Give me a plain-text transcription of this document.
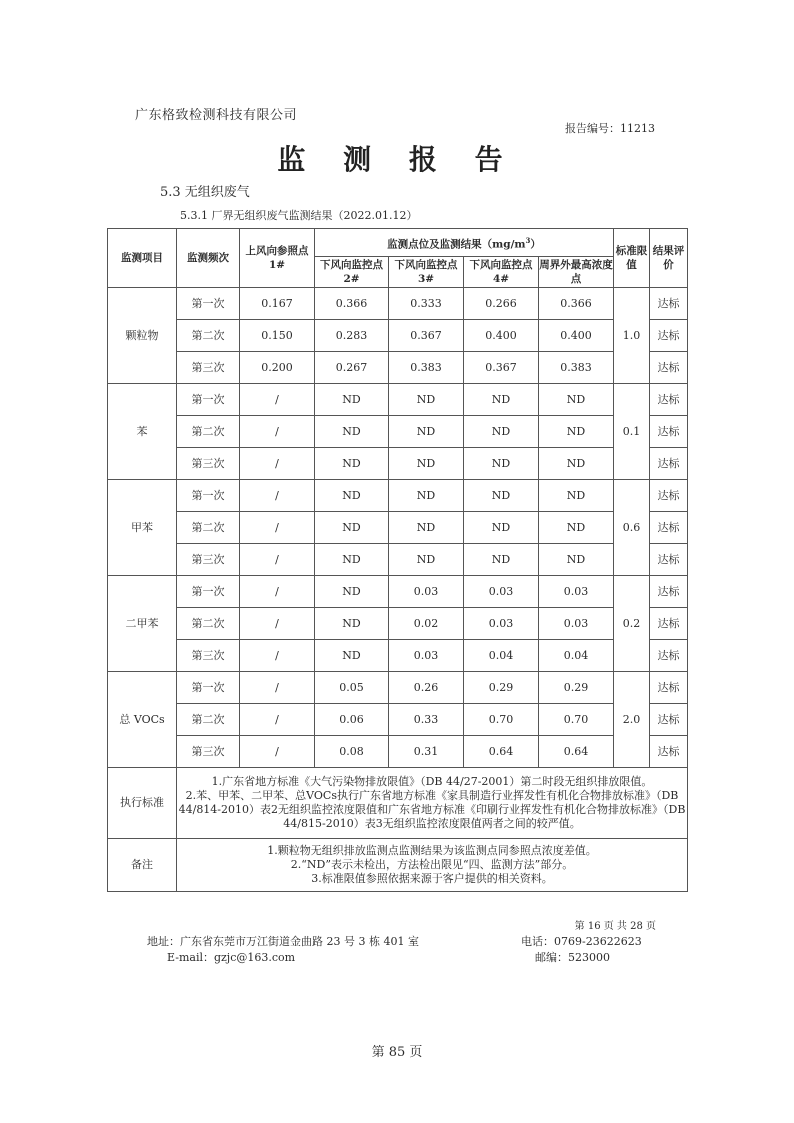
广东格致检测科技有限公司
报告编号：11213
监 测 报 告
5.3 无组织废气
5.3.1 厂界无组织废气监测结果（2022.01.12）
监测项目	监测频次	上风向参照点 1#	监测点位及监测结果$(mg/m^3)$				标准限值	结果评价
			下风向监控点 2#	下风向监控点 3#	下风向监控点 4#	周界外最高浓度点		
颗粒物	第一次	0.167	0.366	0.333	0.266	0.366	1.0	达标
	第二次	0.150	0.283	0.367	0.400	0.400		达标
	第三次	0.200	0.267	0.383	0.367	0.383		达标
苯	第一次	/	ND	ND	ND	ND	0.1	达标
	第二次	/	ND	ND	ND	ND		达标
	第三次	/	ND	ND	ND	ND		达标
甲苯	第一次	/	ND	ND	ND	ND	0.6	达标
	第二次	/	ND	ND	ND	ND		达标
	第三次	/	ND	ND	ND	ND		达标
二甲苯	第一次	/	ND	0.03	0.03	0.03	0.2	达标
	第二次	/	ND	0.02	0.03	0.03		达标
	第三次	/	ND	0.03	0.04	0.04		达标
总 VOCs	第一次	/	0.05	0.26	0.29	0.29	2.0	达标
	第二次	/	0.06	0.33	0.70	0.70		达标
	第三次	/	0.08	0.31	0.64	0.64		达标
执行标准	1.广东省地方标准《大气污染物排放限值》（DB 44/27-2001）第二时段无组织排放限值。
2.苯、甲苯、二甲苯、总VOCs执行广东省地方标准《家具制造行业挥发性有机化合物排放标准》（DB 44/814-2010）表2无组织监控浓度限值和广东省地方标准《印刷行业挥发性有机化合物排放标准》（DB 44/815-2010）表3无组织监控浓度限值两者之间的较严值。							

备注	1.颗粒物无组织排放监测点监测结果为该监测点同参照点浓度差值。
2.“ND”表示未检出，方法检出限见“四、监测方法”部分。
3.标准限值参照依据来源于客户提供的相关资料。							
第 16 页 共 28 页
地址：广东省东莞市万江街道金曲路 23 号 3 栋 401 室
E-mail：gzjc@163.com
电话：0769-23622623
邮编：523000
第 85 页
